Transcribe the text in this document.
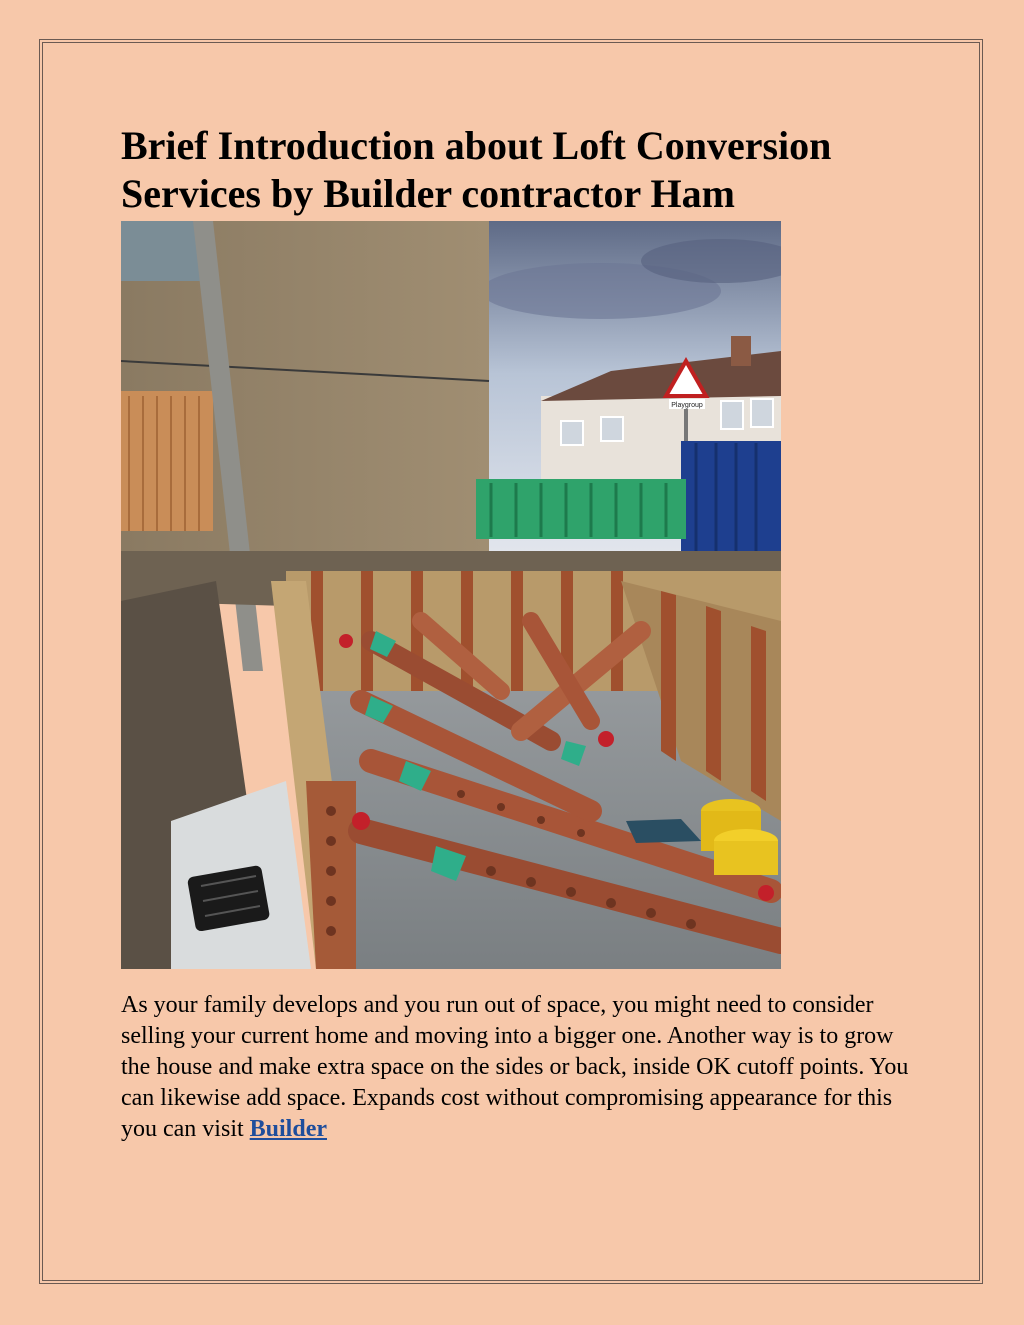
Brief Introduction about Loft Conversion Services by Builder contractor Ham
Playgroup

As your family develops and you run out of space, you might need to consider selling your current home and moving into a bigger one. Another way is to grow the house and make extra space on the sides or back, inside OK cutoff points. You can likewise add space. Expands cost without compromising appearance for this you can visit Builder
